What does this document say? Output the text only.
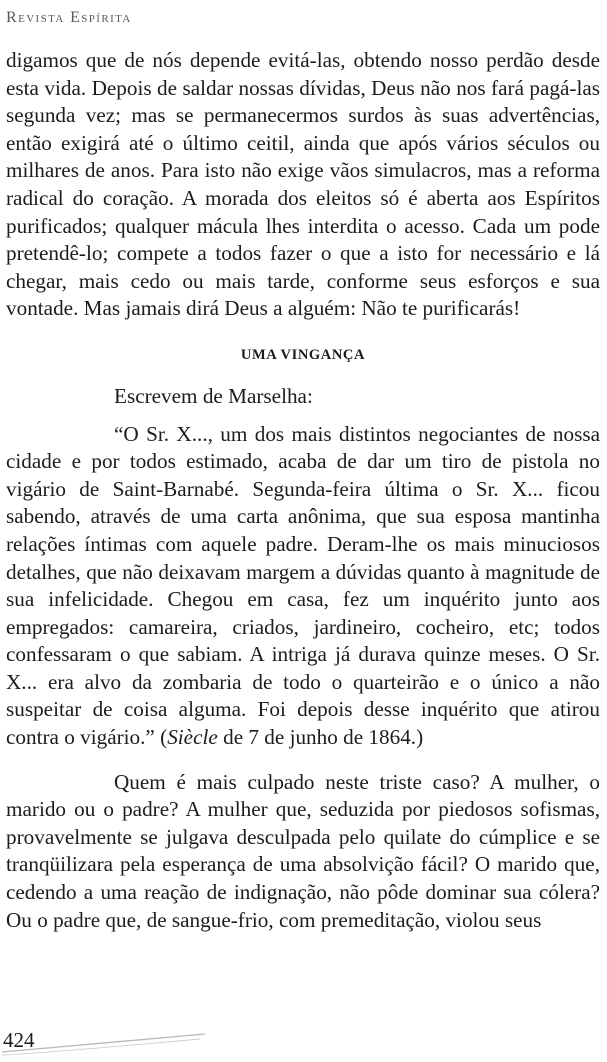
Revista Espírita

digamos que de nós depende evitá-las, obtendo nosso perdão desde esta vida. Depois de saldar nossas dívidas, Deus não nos fará pagá-las segunda vez; mas se permanecermos surdos às suas advertências, então exigirá até o último ceitil, ainda que após vários séculos ou milhares de anos. Para isto não exige vãos simulacros, mas a reforma radical do coração. A morada dos eleitos só é aberta aos Espíritos purificados; qualquer mácula lhes interdita o acesso. Cada um pode pretendê-lo; compete a todos fazer o que a isto for necessário e lá chegar, mais cedo ou mais tarde, conforme seus esforços e sua vontade. Mas jamais dirá Deus a alguém: Não te purificarás!

UMA VINGANÇA

Escrevem de Marselha:

“O Sr. X..., um dos mais distintos negociantes de nossa cidade e por todos estimado, acaba de dar um tiro de pistola no vigário de Saint-Barnabé. Segunda-feira última o Sr. X... ficou sabendo, através de uma carta anônima, que sua esposa mantinha relações íntimas com aquele padre. Deram-lhe os mais minuciosos detalhes, que não deixavam margem a dúvidas quanto à magnitude de sua infelicidade. Chegou em casa, fez um inquérito junto aos empregados: camareira, criados, jardineiro, cocheiro, etc; todos confessaram o que sabiam. A intriga já durava quinze meses. O Sr. X... era alvo da zombaria de todo o quarteirão e o único a não suspeitar de coisa alguma. Foi depois desse inquérito que atirou contra o vigário.” (Siècle de 7 de junho de 1864.)

Quem é mais culpado neste triste caso? A mulher, o marido ou o padre? A mulher que, seduzida por piedosos sofismas, provavelmente se julgava desculpada pelo quilate do cúmplice e se tranqüilizara pela esperança de uma absolvição fácil? O marido que, cedendo a uma reação de indignação, não pôde dominar sua cólera? Ou o padre que, de sangue-frio, com premeditação, violou seus

424
